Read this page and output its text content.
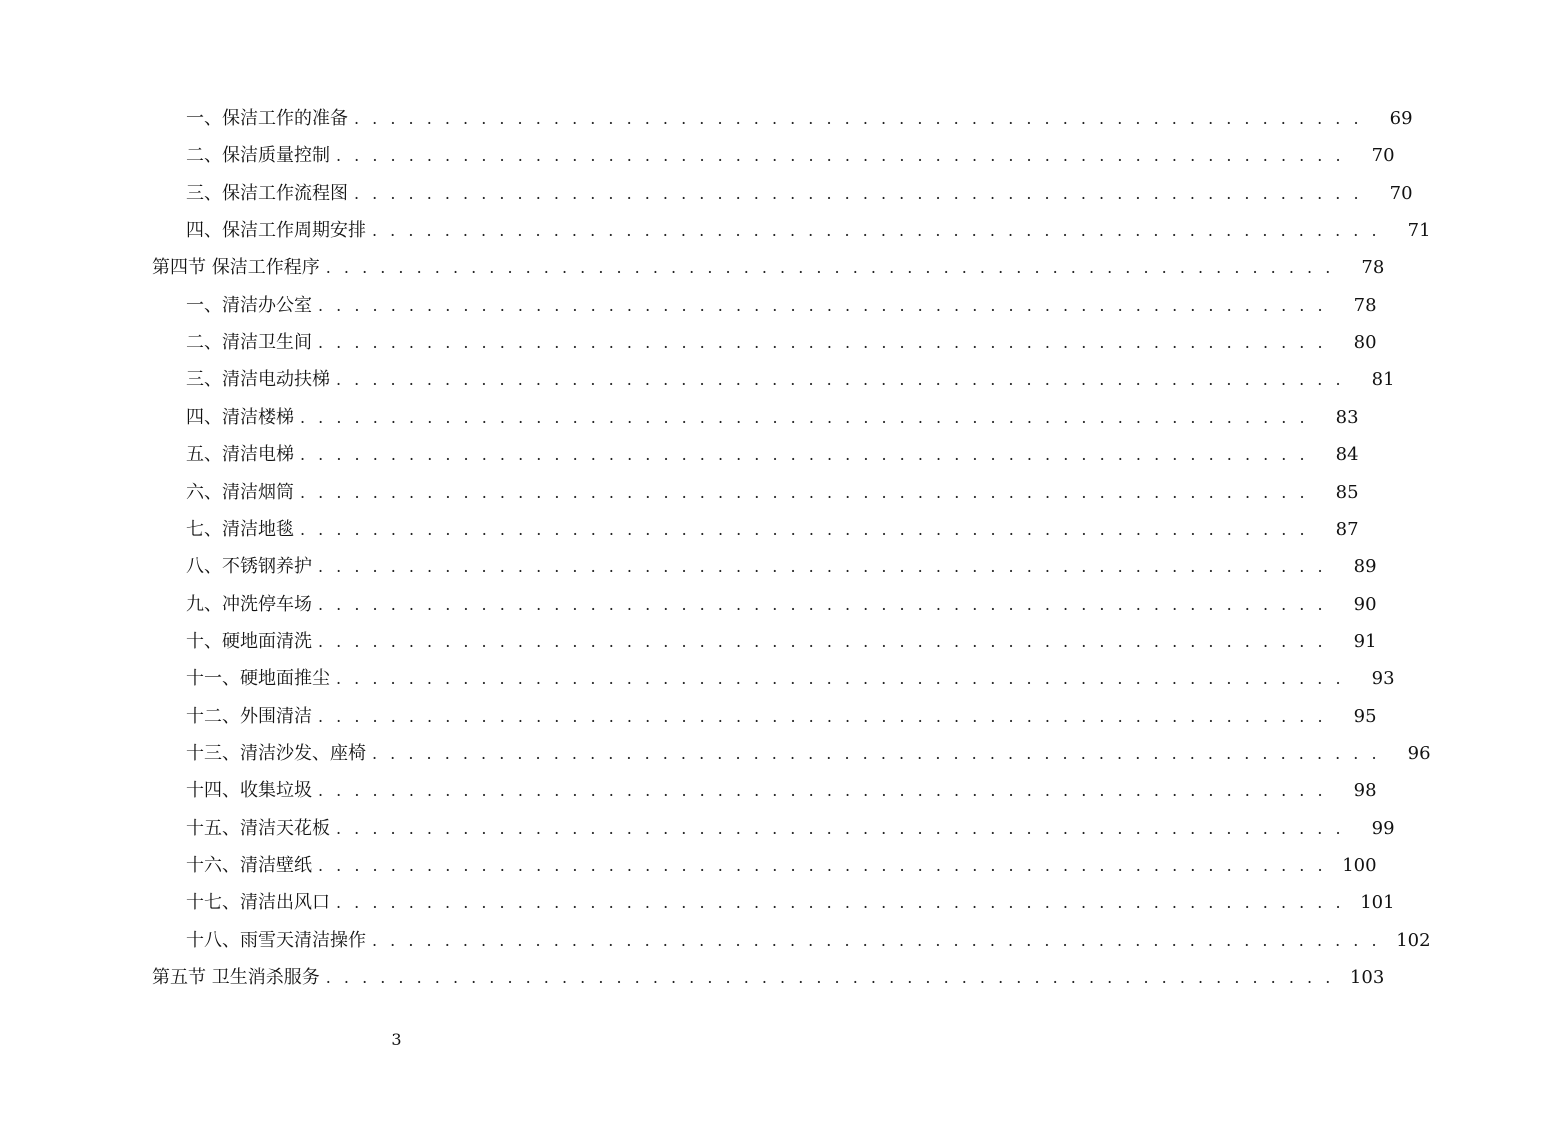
一、保洁工作的准备 . . . . . . . . . . . . . . . . . . . . . . . . . . . . . . . . . . . . . . . . . . . . . . . . . . . . . . . .	69
二、保洁质量控制 . . . . . . . . . . . . . . . . . . . . . . . . . . . . . . . . . . . . . . . . . . . . . . . . . . . . . . . .	70
三、保洁工作流程图 . . . . . . . . . . . . . . . . . . . . . . . . . . . . . . . . . . . . . . . . . . . . . . . . . . . . . . . .	70
四、保洁工作周期安排 . . . . . . . . . . . . . . . . . . . . . . . . . . . . . . . . . . . . . . . . . . . . . . . . . . . . . . . .	71
第四节 保洁工作程序 . . . . . . . . . . . . . . . . . . . . . . . . . . . . . . . . . . . . . . . . . . . . . . . . . . . . . . . .	78
一、清洁办公室 . . . . . . . . . . . . . . . . . . . . . . . . . . . . . . . . . . . . . . . . . . . . . . . . . . . . . . . .	78
二、清洁卫生间 . . . . . . . . . . . . . . . . . . . . . . . . . . . . . . . . . . . . . . . . . . . . . . . . . . . . . . . .	80
三、清洁电动扶梯 . . . . . . . . . . . . . . . . . . . . . . . . . . . . . . . . . . . . . . . . . . . . . . . . . . . . . . . .	81
四、清洁楼梯 . . . . . . . . . . . . . . . . . . . . . . . . . . . . . . . . . . . . . . . . . . . . . . . . . . . . . . . .	83
五、清洁电梯 . . . . . . . . . . . . . . . . . . . . . . . . . . . . . . . . . . . . . . . . . . . . . . . . . . . . . . . .	84
六、清洁烟筒 . . . . . . . . . . . . . . . . . . . . . . . . . . . . . . . . . . . . . . . . . . . . . . . . . . . . . . . .	85
七、清洁地毯 . . . . . . . . . . . . . . . . . . . . . . . . . . . . . . . . . . . . . . . . . . . . . . . . . . . . . . . .	87
八、不锈钢养护 . . . . . . . . . . . . . . . . . . . . . . . . . . . . . . . . . . . . . . . . . . . . . . . . . . . . . . . .	89
九、冲洗停车场 . . . . . . . . . . . . . . . . . . . . . . . . . . . . . . . . . . . . . . . . . . . . . . . . . . . . . . . .	90
十、硬地面清洗 . . . . . . . . . . . . . . . . . . . . . . . . . . . . . . . . . . . . . . . . . . . . . . . . . . . . . . . .	91
十一、硬地面推尘 . . . . . . . . . . . . . . . . . . . . . . . . . . . . . . . . . . . . . . . . . . . . . . . . . . . . . . . .	93
十二、外围清洁 . . . . . . . . . . . . . . . . . . . . . . . . . . . . . . . . . . . . . . . . . . . . . . . . . . . . . . . .	95
十三、清洁沙发、座椅 . . . . . . . . . . . . . . . . . . . . . . . . . . . . . . . . . . . . . . . . . . . . . . . . . . . . . . . .	96
十四、收集垃圾 . . . . . . . . . . . . . . . . . . . . . . . . . . . . . . . . . . . . . . . . . . . . . . . . . . . . . . . .	98
十五、清洁天花板 . . . . . . . . . . . . . . . . . . . . . . . . . . . . . . . . . . . . . . . . . . . . . . . . . . . . . . . .	99
十六、清洁壁纸 . . . . . . . . . . . . . . . . . . . . . . . . . . . . . . . . . . . . . . . . . . . . . . . . . . . . . . . . 100
十七、清洁出风口 . . . . . . . . . . . . . . . . . . . . . . . . . . . . . . . . . . . . . . . . . . . . . . . . . . . . . . . . 101
十八、雨雪天清洁操作 . . . . . . . . . . . . . . . . . . . . . . . . . . . . . . . . . . . . . . . . . . . . . . . . . . . . . . . . 102
第五节 卫生消杀服务 . . . . . . . . . . . . . . . . . . . . . . . . . . . . . . . . . . . . . . . . . . . . . . . . . . . . . . . . 103
3
